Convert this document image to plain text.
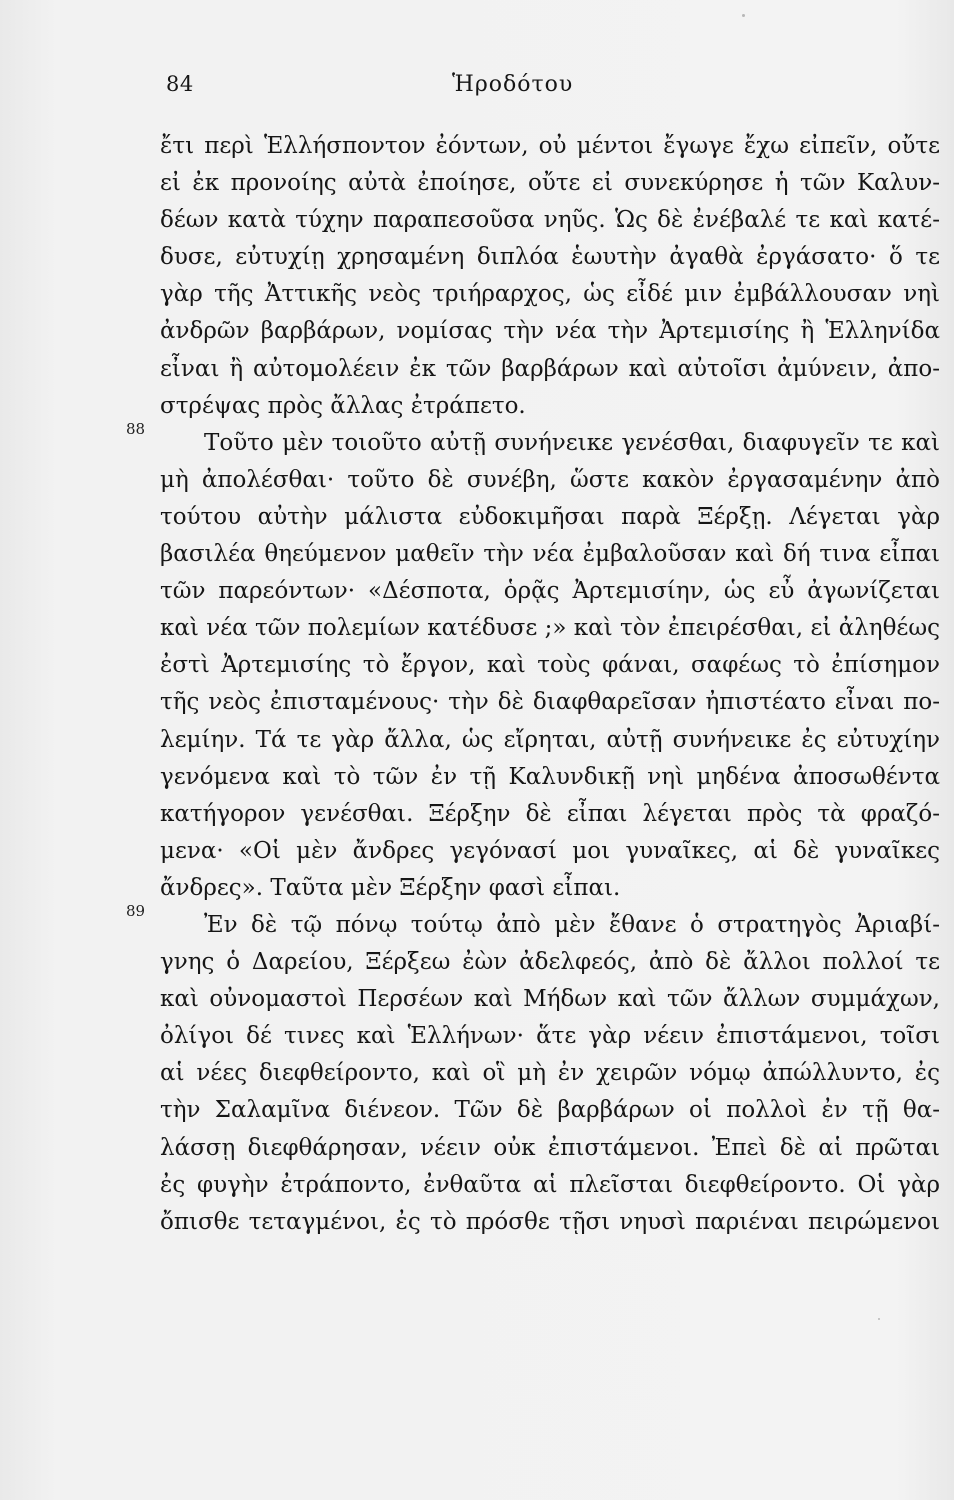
84	Ἡροδότου
ἔτι περὶ Ἑλλήσποντον ἐόντων, οὐ μέντοι ἔγωγε ἔχω εἰπεῖν, οὔτε
εἰ ἐκ προνοίης αὐτὰ ἐποίησε, οὔτε εἰ συνεκύρησε ἡ τῶν Καλυν-
δέων κατὰ τύχην παραπεσοῦσα νηῦς. Ὡς δὲ ἐνέβαλέ τε καὶ κατέ-
δυσε, εὐτυχίῃ χρησαμένη διπλόα ἑωυτὴν ἀγαθὰ ἐργάσατο· ὅ τε
γὰρ τῆς Ἀττικῆς νεὸς τριήραρχος, ὡς εἶδέ μιν ἐμβάλλουσαν νηὶ
ἀνδρῶν βαρβάρων, νομίσας τὴν νέα τὴν Ἀρτεμισίης ἢ Ἑλληνίδα
εἶναι ἢ αὐτομολέειν ἐκ τῶν βαρβάρων καὶ αὐτοῖσι ἀμύνειν, ἀπο-
στρέψας πρὸς ἄλλας ἐτράπετο.
88
Τοῦτο μὲν τοιοῦτο αὐτῇ συνήνεικε γενέσθαι, διαφυγεῖν τε καὶ
μὴ ἀπολέσθαι· τοῦτο δὲ συνέβη, ὥστε κακὸν ἐργασαμένην ἀπὸ
τούτου αὐτὴν μάλιστα εὐδοκιμῆσαι παρὰ Ξέρξῃ. Λέγεται γὰρ
βασιλέα θηεύμενον μαθεῖν τὴν νέα ἐμβαλοῦσαν καὶ δή τινα εἶπαι
τῶν παρεόντων· «Δέσποτα, ὁρᾷς Ἀρτεμισίην, ὡς εὖ ἀγωνίζεται
καὶ νέα τῶν πολεμίων κατέδυσε ;» καὶ τὸν ἐπειρέσθαι, εἰ ἀληθέως
ἐστὶ Ἀρτεμισίης τὸ ἔργον, καὶ τοὺς φάναι, σαφέως τὸ ἐπίσημον
τῆς νεὸς ἐπισταμένους· τὴν δὲ διαφθαρεῖσαν ἠπιστέατο εἶναι πο-
λεμίην. Τά τε γὰρ ἄλλα, ὡς εἴρηται, αὐτῇ συνήνεικε ἐς εὐτυχίην
γενόμενα καὶ τὸ τῶν ἐν τῇ Καλυνδικῇ νηὶ μηδένα ἀποσωθέντα
κατήγορον γενέσθαι. Ξέρξην δὲ εἶπαι λέγεται πρὸς τὰ φραζό-
μενα· «Οἱ μὲν ἄνδρες γεγόνασί μοι γυναῖκες, αἱ δὲ γυναῖκες
ἄνδρες». Ταῦτα μὲν Ξέρξην φασὶ εἶπαι.
89
Ἐν δὲ τῷ πόνῳ τούτῳ ἀπὸ μὲν ἔθανε ὁ στρατηγὸς Ἀριαβί-
γνης ὁ Δαρείου, Ξέρξεω ἐὼν ἀδελφεός, ἀπὸ δὲ ἄλλοι πολλοί τε
καὶ οὐνομαστοὶ Περσέων καὶ Μήδων καὶ τῶν ἄλλων συμμάχων,
ὀλίγοι δέ τινες καὶ Ἑλλήνων· ἅτε γὰρ νέειν ἐπιστάμενοι, τοῖσι
αἱ νέες διεφθείροντο, καὶ οἳ μὴ ἐν χειρῶν νόμῳ ἀπώλλυντο, ἐς
τὴν Σαλαμῖνα διένεον. Τῶν δὲ βαρβάρων οἱ πολλοὶ ἐν τῇ θα-
λάσσῃ διεφθάρησαν, νέειν οὐκ ἐπιστάμενοι. Ἐπεὶ δὲ αἱ πρῶται
ἐς φυγὴν ἐτράποντο, ἐνθαῦτα αἱ πλεῖσται διεφθείροντο. Οἱ γὰρ
ὄπισθε τεταγμένοι, ἐς τὸ πρόσθε τῇσι νηυσὶ παριέναι πειρώμενοι
